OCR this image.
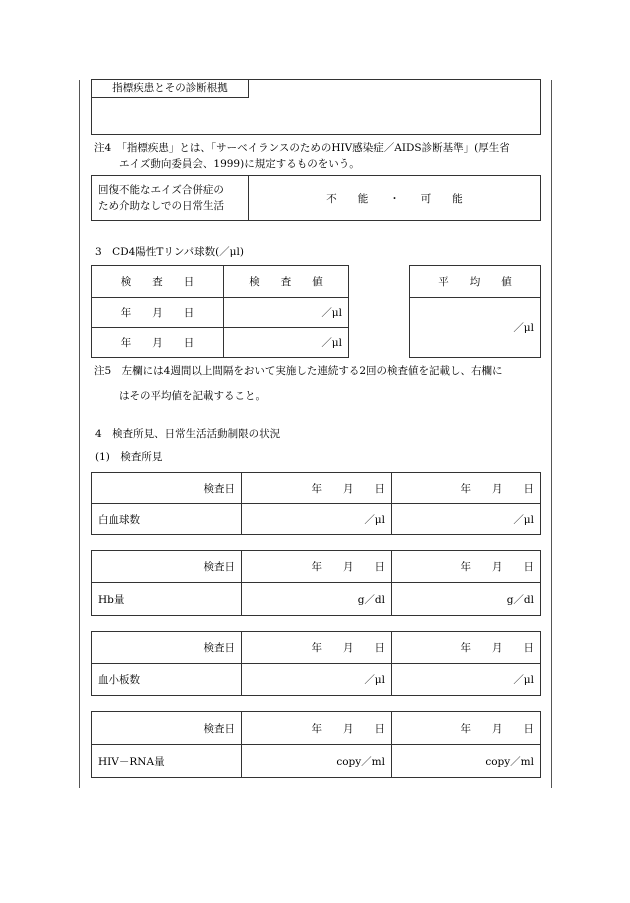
指標疾患とその診断根拠
注4　「指標疾患」とは、「サーベイランスのためのHIV感染症／AIDS診断基準」(厚生省
エイズ動向委員会、1999)に規定するものをいう。
回復不能なエイズ合併症の
ため介助なしでの日常生活	不　　能　　・　　可　　能
3　CD4陽性Tリンパ球数(／μl)
検　　査　　日	検　　査　　値
年　　月　　日	／μl
年　　月　　日	／μl
平　　均　　値
／μl
注5　左欄には4週間以上間隔をおいて実施した連続する2回の検査値を記載し、右欄に
はその平均値を記載すること。
4　検査所見、日常生活活動制限の状況
(1)　検査所見
検査日	年　　月　　日	年　　月　　日
白血球数	／μl	／μl
検査日	年　　月　　日	年　　月　　日
Hb量	g／dl	g／dl
検査日	年　　月　　日	年　　月　　日
血小板数	／μl	／μl
検査日	年　　月　　日	年　　月　　日
HIV－RNA量	copy／ml	copy／ml
